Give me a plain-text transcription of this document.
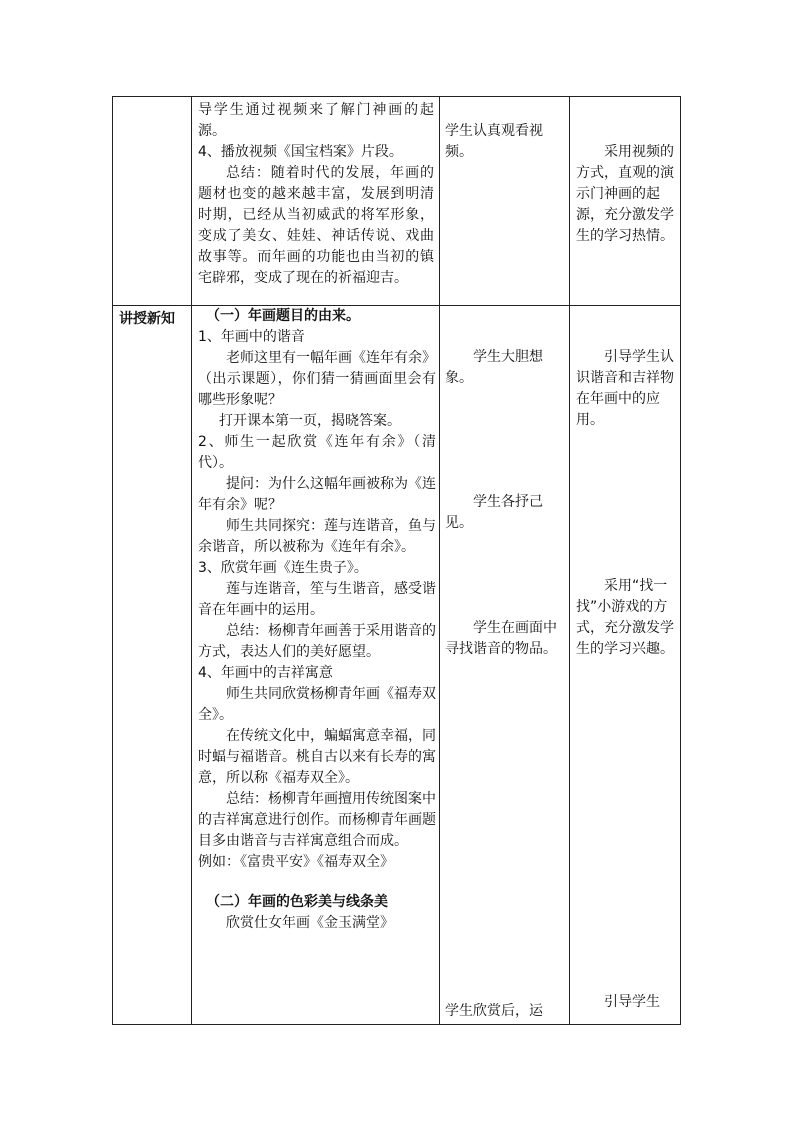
导学生通过视频来了解门神画的起源。

4、播放视频《国宝档案》片段。

总结：随着时代的发展，年画的题材也变的越来越丰富，发展到明清时期，已经从当初威武的将军形象，变成了美女、娃娃、神话传说、戏曲故事等。而年画的功能也由当初的镇宅辟邪，变成了现在的祈福迎吉。

学生认真观看视频。	采用视频的方式，直观的演示门神画的起源，充分激发学生的学习热情。

讲授新知	（一）年画题目的由来。

1、年画中的谐音

老师这里有一幅年画《连年有余》（出示课题），你们猜一猜画面里会有哪些形象呢？

打开课本第一页，揭晓答案。

2、师生一起欣赏《连年有余》（清代）。

提问：为什么这幅年画被称为《连年有余》呢？

师生共同探究：莲与连谐音，鱼与余谐音，所以被称为《连年有余》。

3、欣赏年画《连生贵子》。

莲与连谐音，笙与生谐音，感受谐音在年画中的运用。

总结：杨柳青年画善于采用谐音的方式，表达人们的美好愿望。

4、年画中的吉祥寓意

师生共同欣赏杨柳青年画《福寿双全》。

在传统文化中，蝙蝠寓意幸福，同时蝠与福谐音。桃自古以来有长寿的寓意，所以称《福寿双全》。

总结：杨柳青年画擅用传统图案中的吉祥寓意进行创作。而杨柳青年画题目多由谐音与吉祥寓意组合而成。

例如：《富贵平安》《福寿双全》

（二）年画的色彩美与线条美

欣赏仕女年画《金玉满堂》

学生大胆想象。

学生各抒己见。

学生在画面中寻找谐音的物品。

学生欣赏后，运

引导学生认识谐音和吉祥物在年画中的应用。

采用“找一找”小游戏的方式，充分激发学生的学习兴趣。

引导学生
